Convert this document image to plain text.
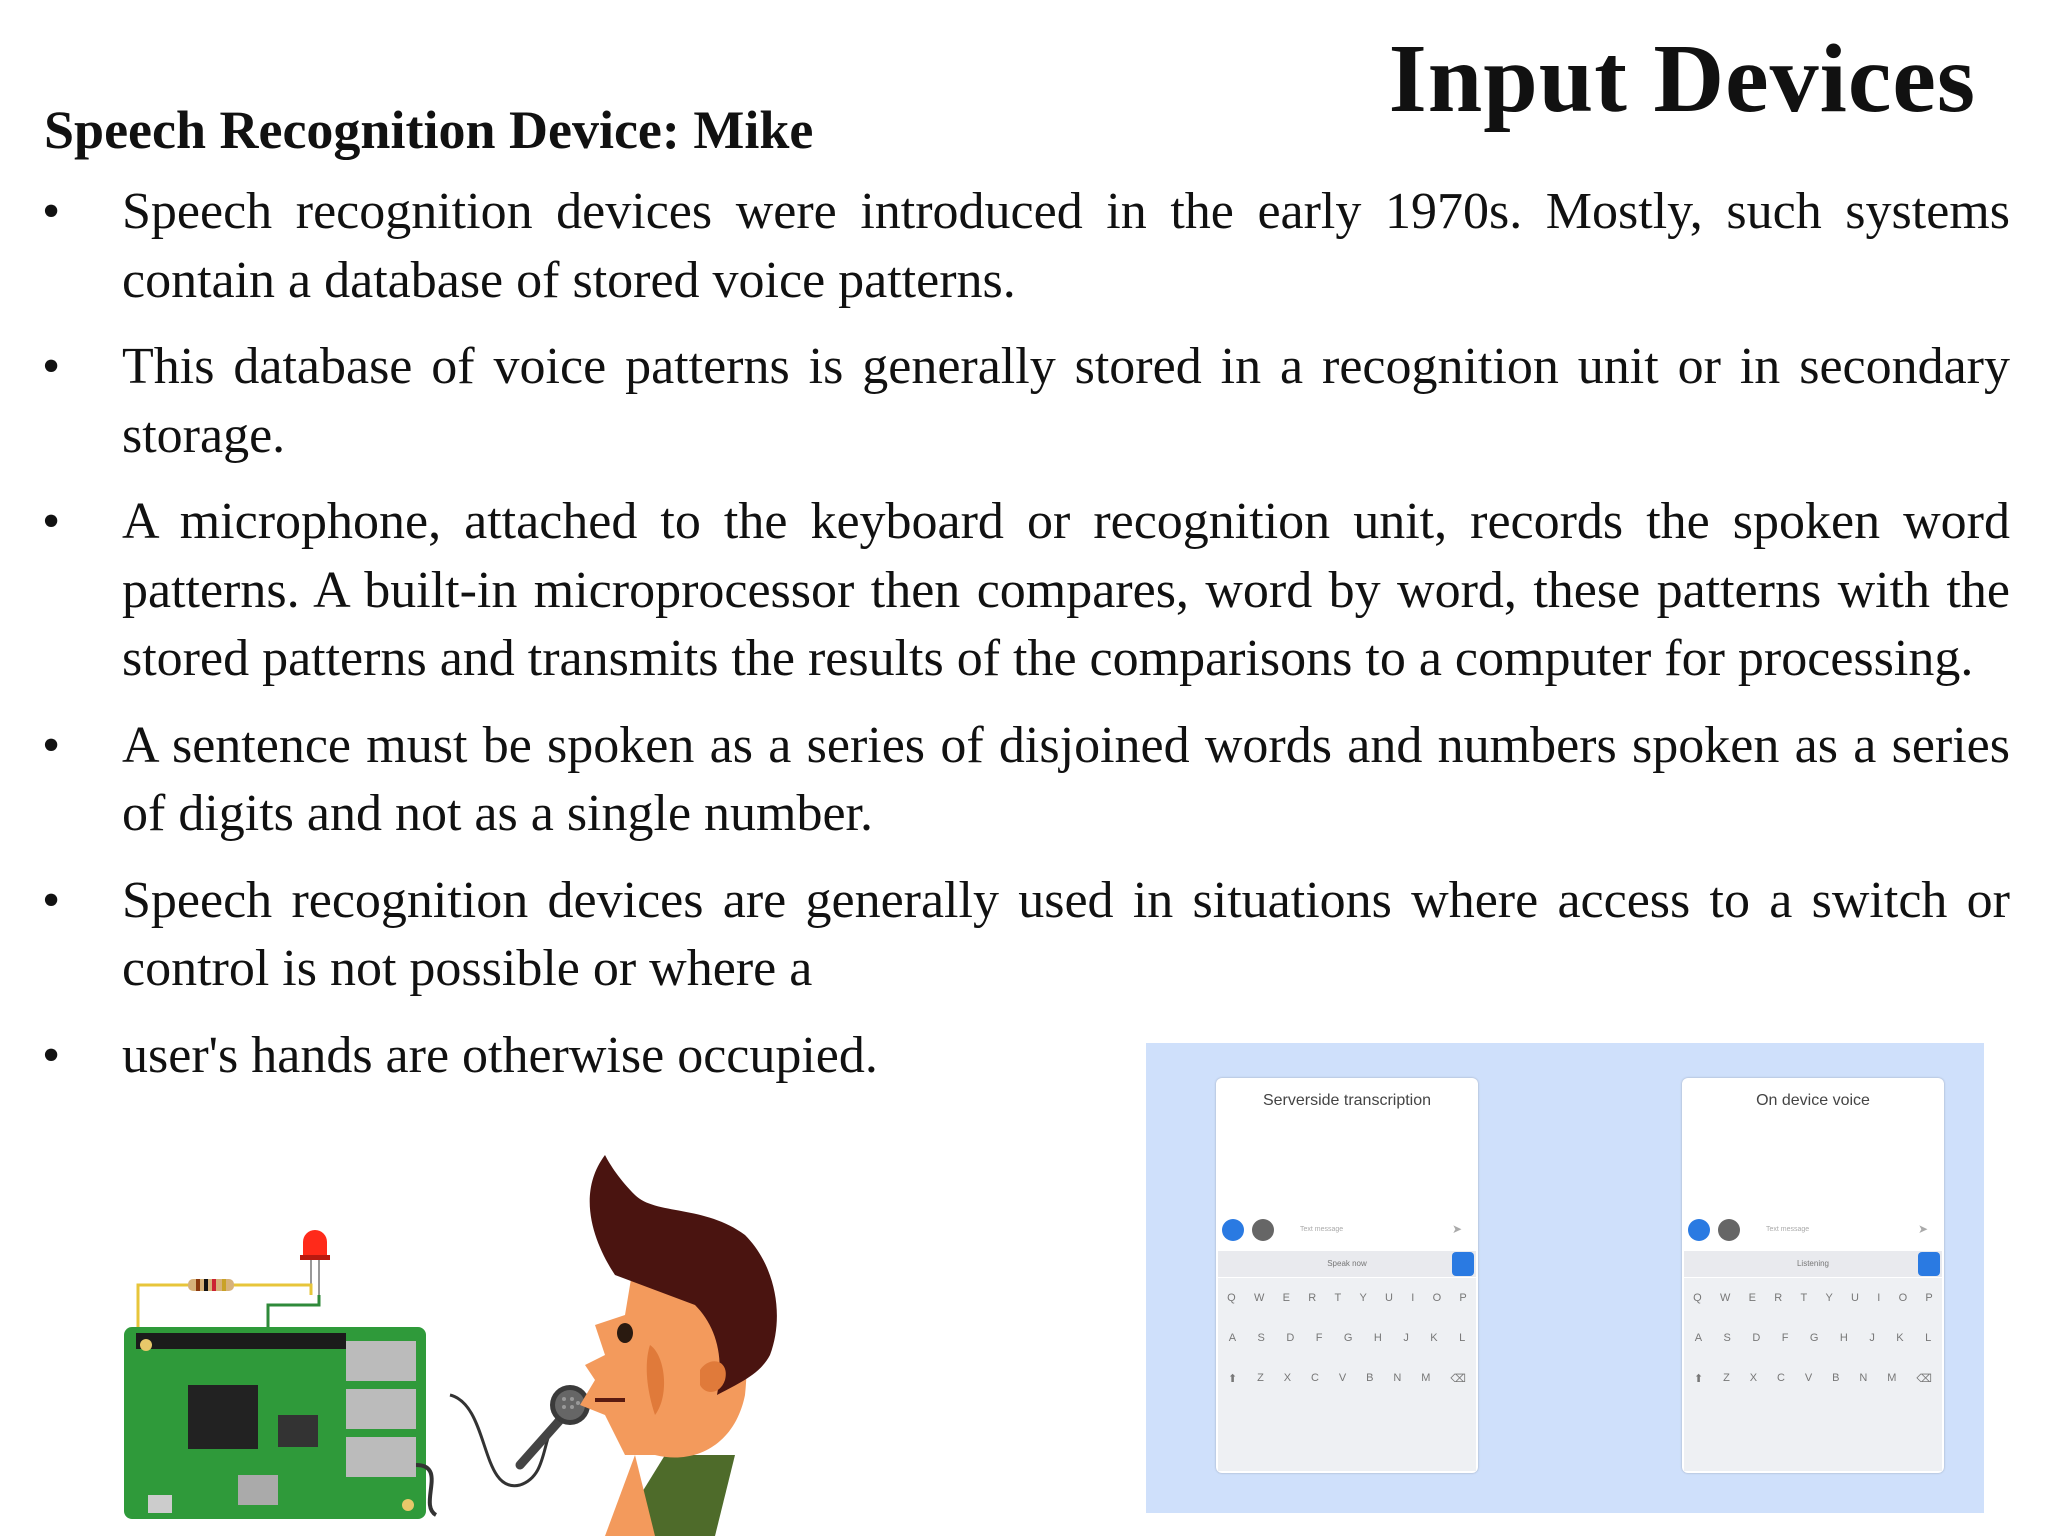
Input Devices
Speech Recognition Device: Mike
• Speech recognition devices were introduced in the early 1970s. Mostly, such systems contain a database of stored voice patterns.
• This database of voice patterns is generally stored in a recognition unit or in secondary storage.
• A microphone, attached to the keyboard or recognition unit, records the spoken word patterns. A built-in microprocessor then compares, word by word, these patterns with the stored patterns and transmits the results of the comparisons to a computer for processing.
• A sentence must be spoken as a series of disjoined words and numbers spoken as a series of digits and not as a single number.
• Speech recognition devices are generally used in situations where access to a switch or control is not possible or where a
• user's hands are otherwise occupied.
Serverside transcription
Text message	➤
Speak now
Q W E R T Y U I O P
A S D F G H J K L
⬆ Z X C V B N M ⌫
On device voice
Text message	➤
Listening
Q W E R T Y U I O P
A S D F G H J K L
⬆ Z X C V B N M ⌫
